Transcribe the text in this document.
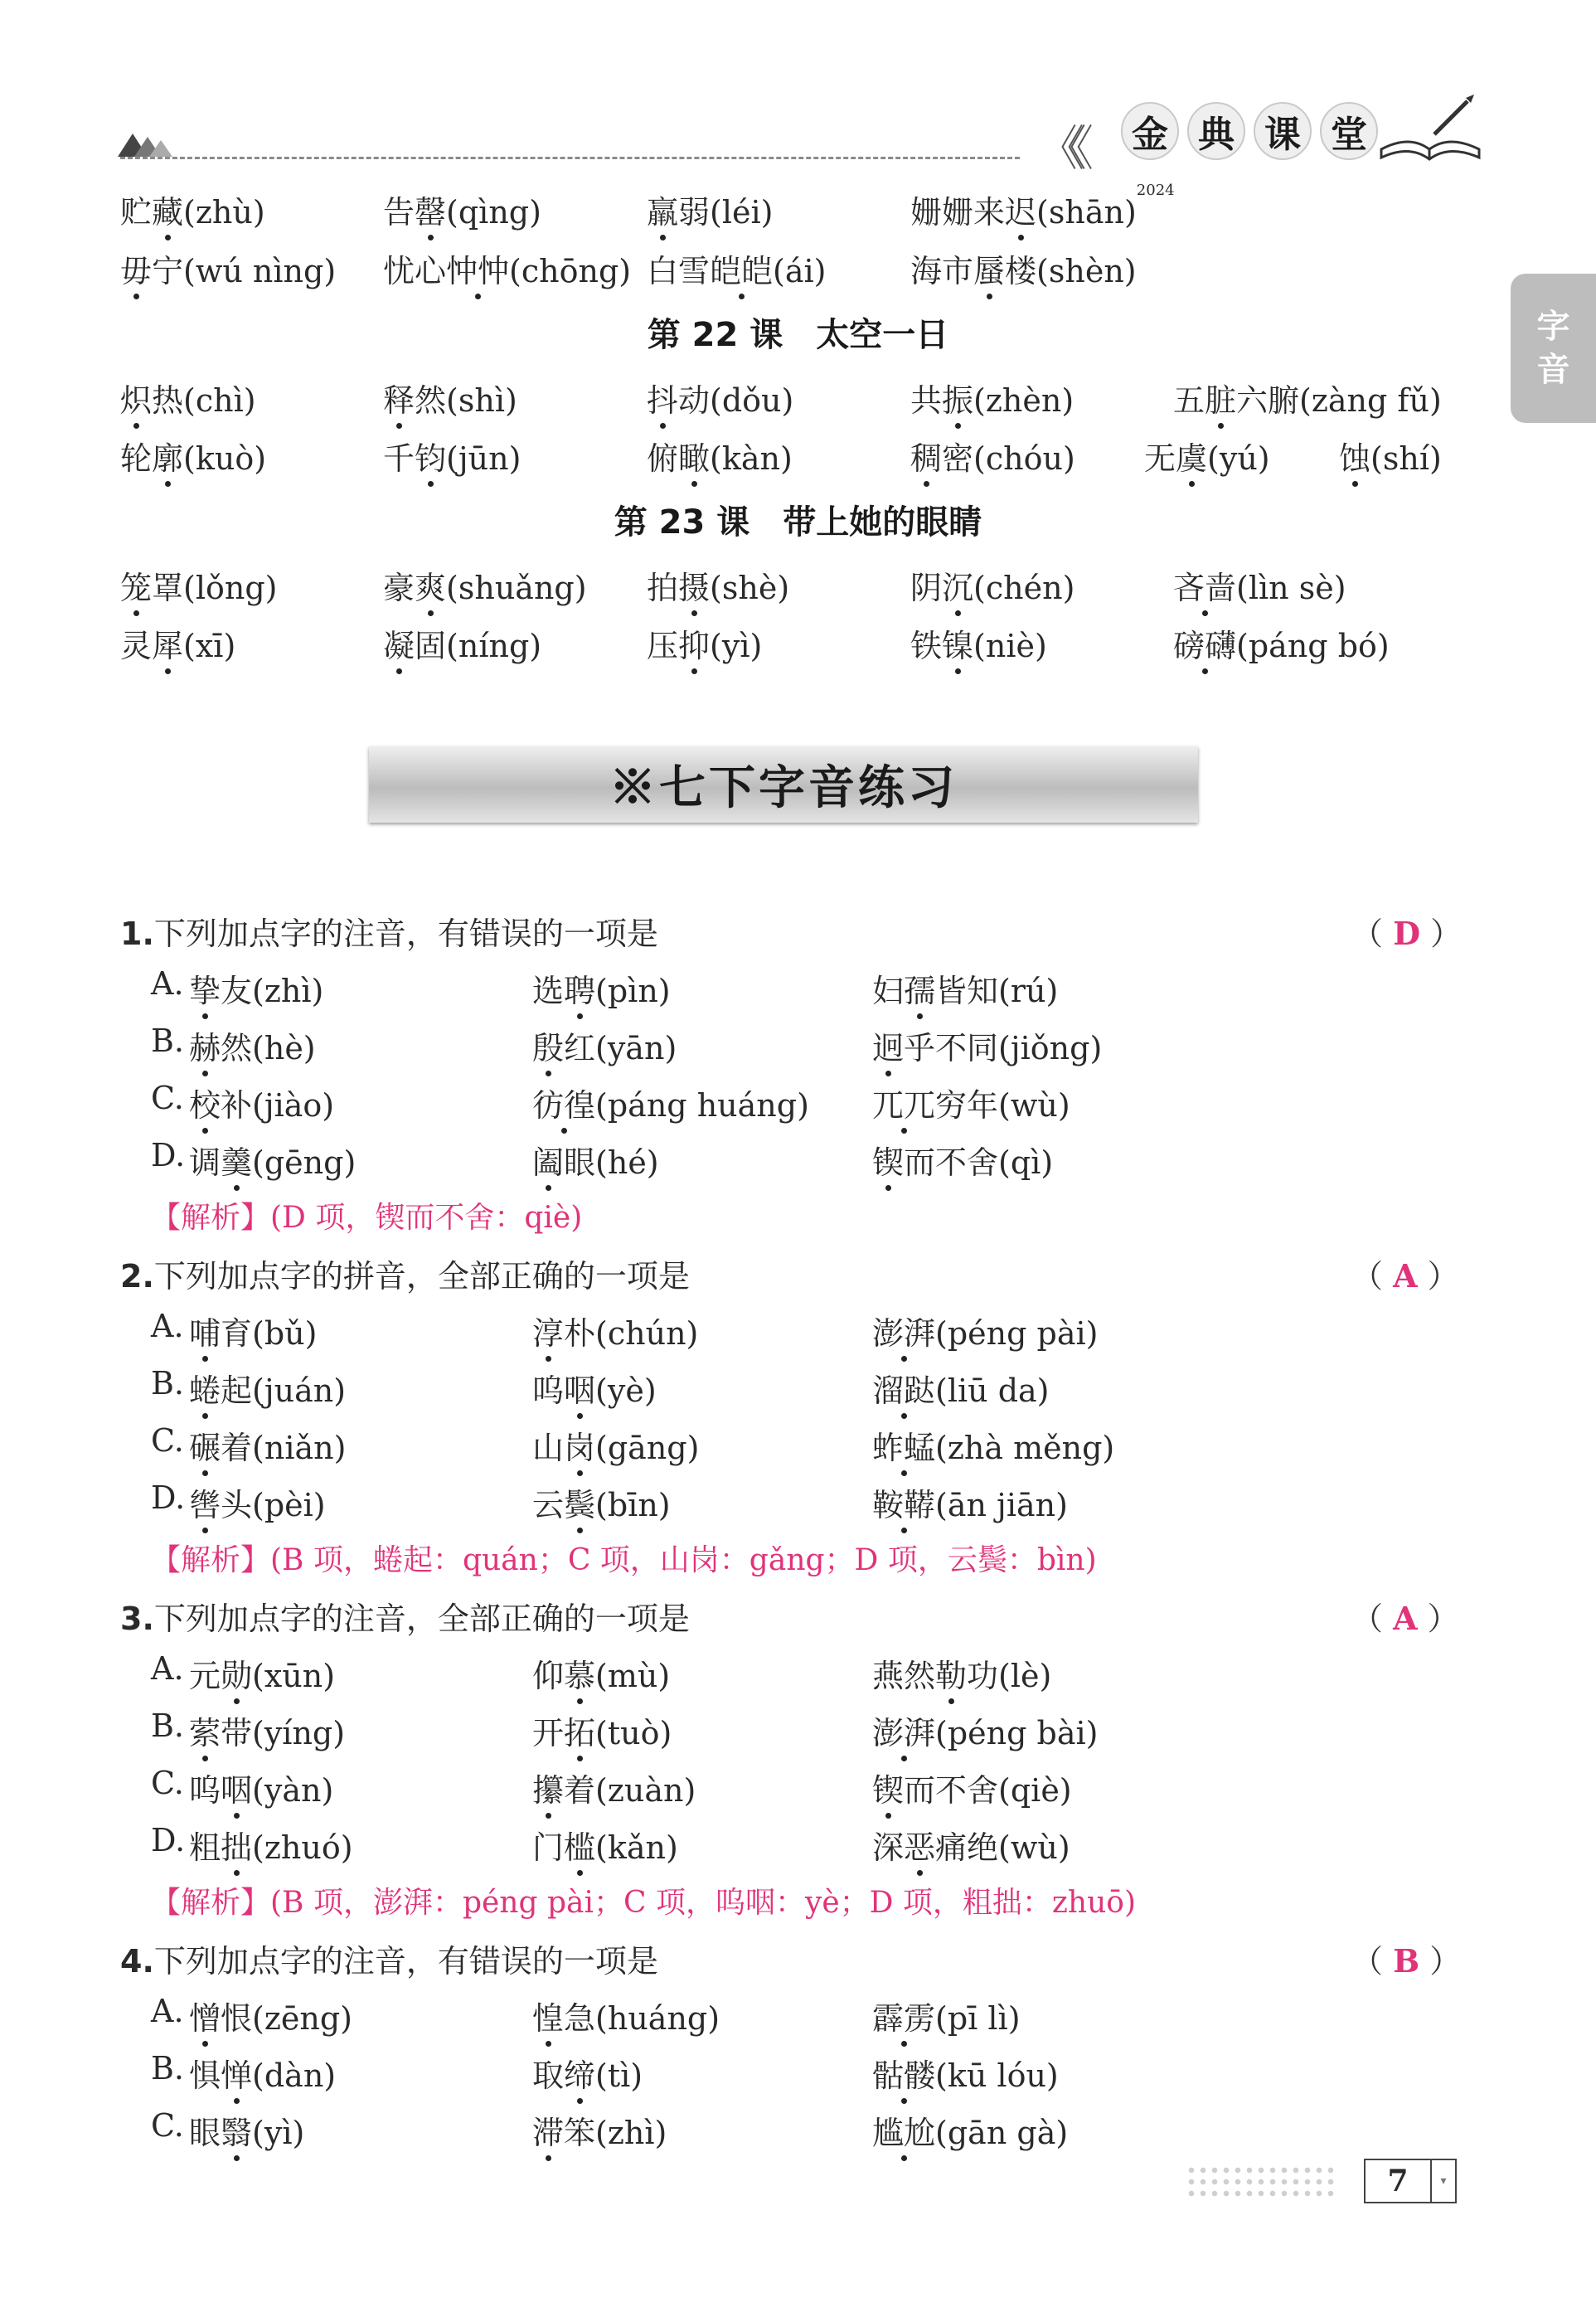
《《 金 典 课 堂
字
音
贮藏(zhù)	告罄(qìng)	羸弱(léi)	姗姗来迟(shān)$^{2024}$
毋宁(wú nìng) 忧心忡忡(chōng) 白雪皑皑(ái)	海市蜃楼(shèn)
第 22 课　太空一日
炽热(chì)	释然(shì)	抖动(dǒu)	共振(zhèn)	五脏六腑(zàng fǔ)
轮廓(kuò)	千钧(jūn)	俯瞰(kàn)	稠密(chóu) 无虞(yú) 蚀(shí)
第 23 课　带上她的眼睛
笼罩(lǒng)	豪爽(shuǎng) 拍摄(shè)	阴沉(chén)	吝啬(lìn sè)
灵犀(xī)	凝固(níng)	压抑(yì)	铁镍(niè)	磅礴(páng bó)
※七下字音练习
1.下列加点字的注音，有错误的一项是	（ D ）
A. 挚友(zhì)	选聘(pìn)	妇孺皆知(rú)
B. 赫然(hè)	殷红(yān)	迥乎不同(jiǒng)
C. 校补(jiào)	彷徨(páng huáng) 兀兀穷年(wù)
D. 调羹(gēng)	阖眼(hé)	锲而不舍(qì)
【解析】(D 项，锲而不舍：qiè)
2.下列加点字的拼音，全部正确的一项是	（ A ）
A. 哺育(bǔ)	淳朴(chún)	澎湃(péng pài)
B. 蜷起(juán)	呜咽(yè)	溜跶(liū da)
C. 碾着(niǎn)	山岗(gāng)	蚱蜢(zhà měng)
D. 辔头(pèi)	云鬓(bīn)	鞍鞯(ān jiān)
【解析】(B 项，蜷起：quán；C 项，山岗：gǎng；D 项，云鬓：bìn)
3.下列加点字的注音，全部正确的一项是	（ A ）
A. 元勋(xūn)	仰慕(mù)	燕然勒功(lè)
B. 萦带(yíng)	开拓(tuò)	澎湃(péng bài)
C. 呜咽(yàn)	攥着(zuàn)	锲而不舍(qiè)
D. 粗拙(zhuó)	门槛(kǎn)	深恶痛绝(wù)
【解析】(B 项，澎湃：péng pài；C 项，呜咽：yè；D 项，粗拙：zhuō)
4.下列加点字的注音，有错误的一项是	（ B ）
A. 憎恨(zēng)	惶急(huáng)	霹雳(pī lì)
B. 惧惮(dàn)	取缔(tì)	骷髅(kū lóu)
C. 眼翳(yì)	滞笨(zhì)	尴尬(gān gà)
7	▾
